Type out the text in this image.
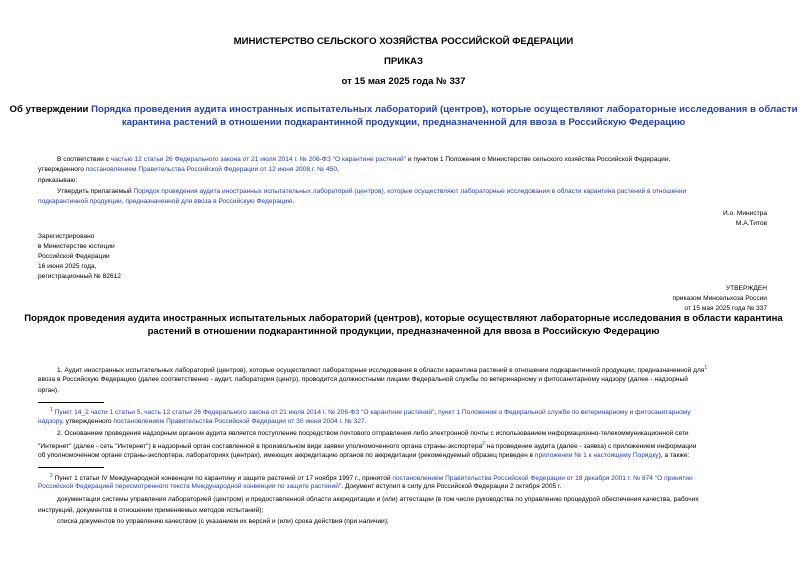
МИНИСТЕРСТВО СЕЛЬСКОГО ХОЗЯЙСТВА РОССИЙСКОЙ ФЕДЕРАЦИИ
ПРИКАЗ
от 15 мая 2025 года № 337
Об утверждении Порядка проведения аудита иностранных испытательных лабораторий (центров), которые осуществляют лабораторные исследования в области
карантина растений в отношении подкарантинной продукции, предназначенной для ввоза в Российскую Федерацию
В соответствии с частью 12 статьи 26 Федерального закона от 21 июля 2014 г. № 206-ФЗ "О карантине растений" и пунктом 1 Положения о Министерстве сельского хозяйства Российской Федерации,
утвержденного постановлением Правительства Российской Федерации от 12 июня 2008 г. № 450,
приказываю:
Утвердить прилагаемый Порядок проведения аудита иностранных испытательных лабораторий (центров), которые осуществляют лабораторные исследования в области карантина растений в отношении
подкарантинной продукции, предназначенной для ввоза в Российскую Федерацию.
И.о. Министра
М.А.Титов
Зарегистрировано
в Министерстве юстиции
Российской Федерации
16 июня 2025 года,
регистрационный № 82612
УТВЕРЖДЕН
приказом Минсельхоза России
от 15 мая 2025 года № 337
Порядок проведения аудита иностранных испытательных лабораторий (центров), которые осуществляют лабораторные исследования в области карантина
растений в отношении подкарантинной продукции, предназначенной для ввоза в Российскую Федерацию
1. Аудит иностранных испытательных лабораторий (центров), которые осуществляют лабораторные исследования в области карантина растений в отношении подкарантинной продукции, предназначенной для$^1$
ввоза в Российскую Федерацию (далее соответственно - аудит, лаборатория (центр), проводится должностными лицами Федеральной службы по ветеринарному и фитосанитарному надзору (далее - надзорный
орган).
$^1$ Пункт 14_2 части 1 статьи 5, часть 12 статьи 26 Федерального закона от 21 июля 2014 г. № 206-ФЗ "О карантине растений", пункт 1 Положения о Федеральной службе по ветеринарному и фитосанитарному
надзору, утвержденного постановлением Правительства Российской Федерации от 30 июня 2004 г. № 327.
2. Основанием проведения надзорным органом аудита является поступление посредством почтового отправления либо электронной почты с использованием информационно-телекоммуникационной сети
"Интернет" (далее - сеть "Интернет") в надзорный орган составленной в произвольном виде заявки уполномоченного органа страны-экспортера$^2$ на проведение аудита (далее - заявка) с приложением информации
об уполномоченном органе страны-экспортера, лабораториях (центрах), имеющих аккредитацию органов по аккредитации (рекомендуемый образец приведен в приложении № 1 к настоящему Порядку), а также:
$^2$ Пункт 1 статьи IV Международной конвенции по карантину и защите растений от 17 ноября 1997 г., принятой постановлением Правительства Российской Федерации от 18 декабря 2001 г. № 874 "О принятии
Российской Федерацией пересмотренного текста Международной конвенции по защите растений". Документ вступил в силу для Российской Федерации 2 октября 2005 г.
документации системы управления лабораторией (центром) и предоставленной области аккредитации и (или) аттестации (в том числе руководства по управлению процедурой обеспечения качества, рабочих
инструкций, документов в отношении применяемых методов испытаний);
списка документов по управлению качеством (с указанием их версий и (или) срока действия (при наличии);
